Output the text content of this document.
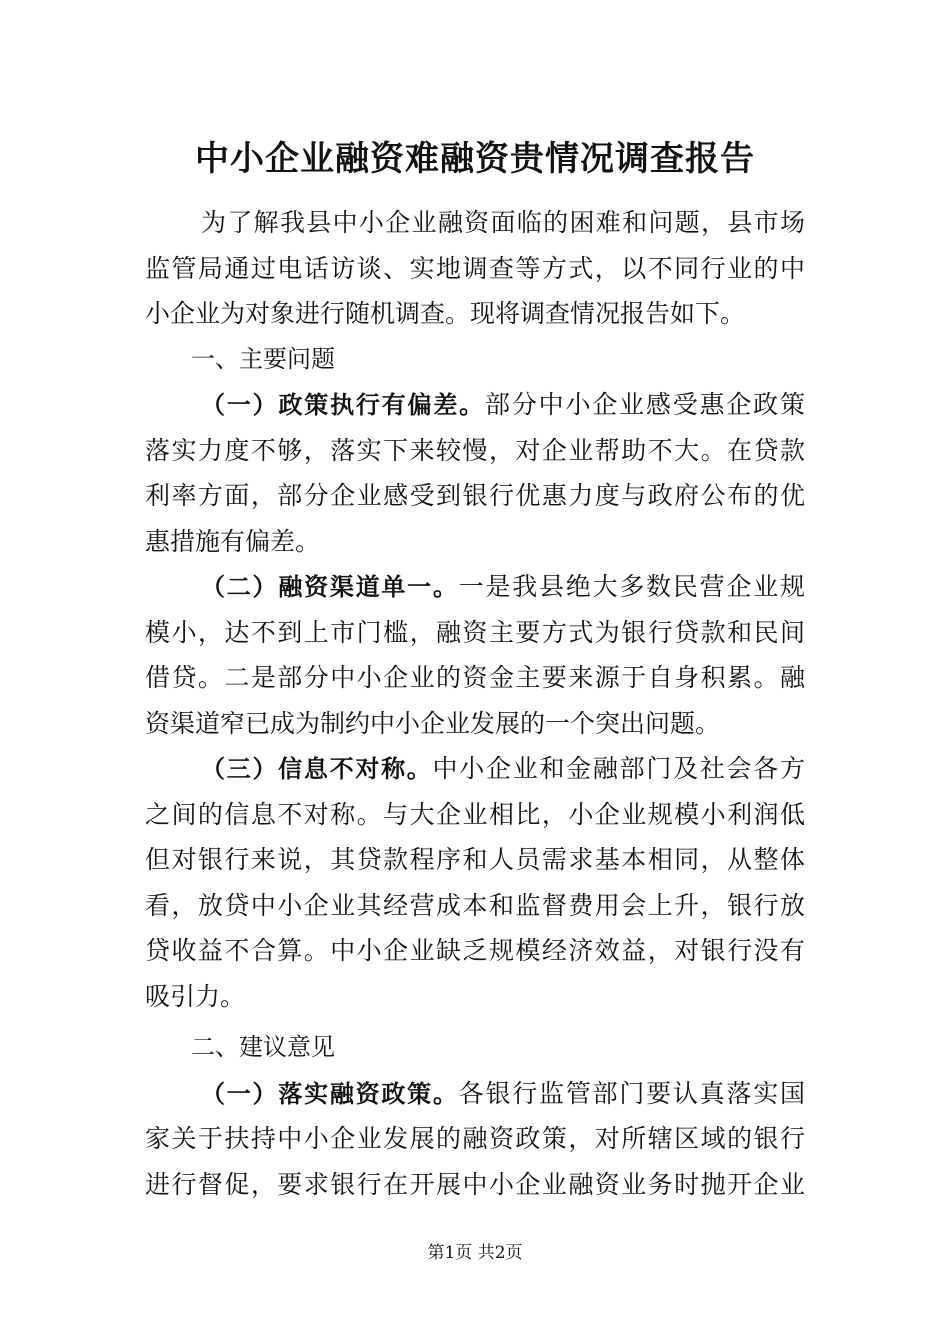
中小企业融资难融资贵情况调查报告
为了解我县中小企业融资面临的困难和问题，县市场
监管局通过电话访谈、实地调查等方式，以不同行业的中
小企业为对象进行随机调查。现将调查情况报告如下。
一、主要问题
（一）政策执行有偏差。部分中小企业感受惠企政策
落实力度不够，落实下来较慢，对企业帮助不大。在贷款
利率方面，部分企业感受到银行优惠力度与政府公布的优
惠措施有偏差。
（二）融资渠道单一。一是我县绝大多数民营企业规
模小，达不到上市门槛，融资主要方式为银行贷款和民间
借贷。二是部分中小企业的资金主要来源于自身积累。融
资渠道窄已成为制约中小企业发展的一个突出问题。
（三）信息不对称。中小企业和金融部门及社会各方
之间的信息不对称。与大企业相比，小企业规模小利润低
但对银行来说，其贷款程序和人员需求基本相同，从整体
看，放贷中小企业其经营成本和监督费用会上升，银行放
贷收益不合算。中小企业缺乏规模经济效益，对银行没有
吸引力。
二、建议意见
（一）落实融资政策。各银行监管部门要认真落实国
家关于扶持中小企业发展的融资政策，对所辖区域的银行
进行督促，要求银行在开展中小企业融资业务时抛开企业
第1页 共2页
